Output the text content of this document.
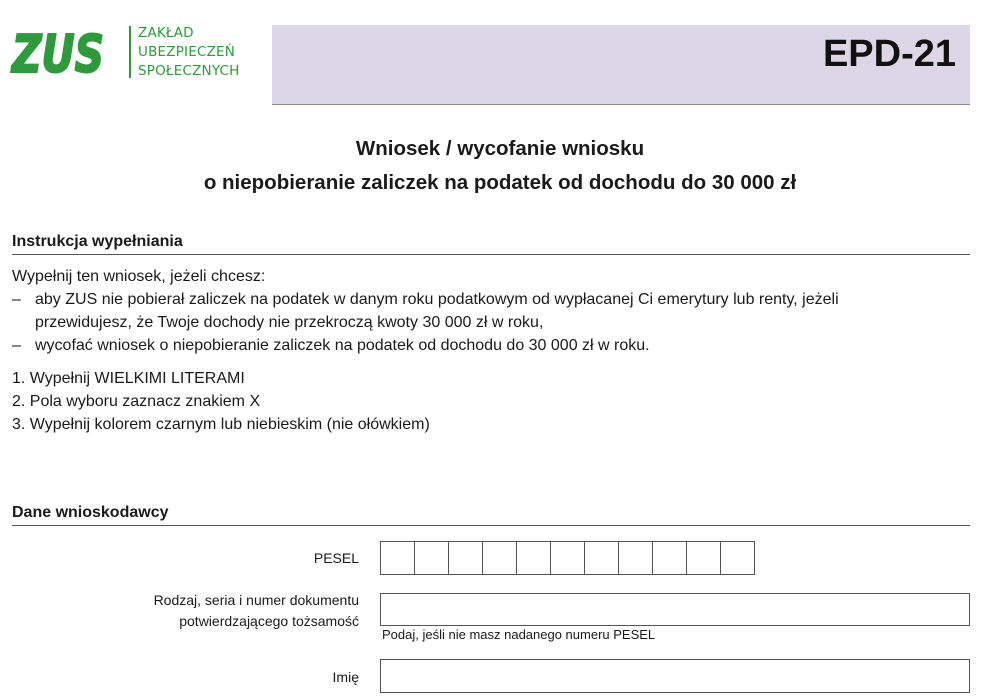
ZUS	ZAKŁAD
UBEZPIECZEŃ
SPOŁECZNYCH	EPD-21
Wniosek / wycofanie wniosku
o niepobieranie zaliczek na podatek od dochodu do 30 000 zł
Instrukcja wypełniania
Wypełnij ten wniosek, jeżeli chcesz:
– aby ZUS nie pobierał zaliczek na podatek w danym roku podatkowym od wypłacanej Ci emerytury lub renty, jeżeli
przewidujesz, że Twoje dochody nie przekroczą kwoty 30 000 zł w roku,
– wycofać wniosek o niepobieranie zaliczek na podatek od dochodu do 30 000 zł w roku.
1. Wypełnij WIELKIMI LITERAMI
2. Pola wyboru zaznacz znakiem X
3. Wypełnij kolorem czarnym lub niebieskim (nie ołówkiem)
Dane wnioskodawcy
PESEL
Rodzaj, seria i numer dokumentu
potwierdzającego tożsamość
Podaj, jeśli nie masz nadanego numeru PESEL
Imię
